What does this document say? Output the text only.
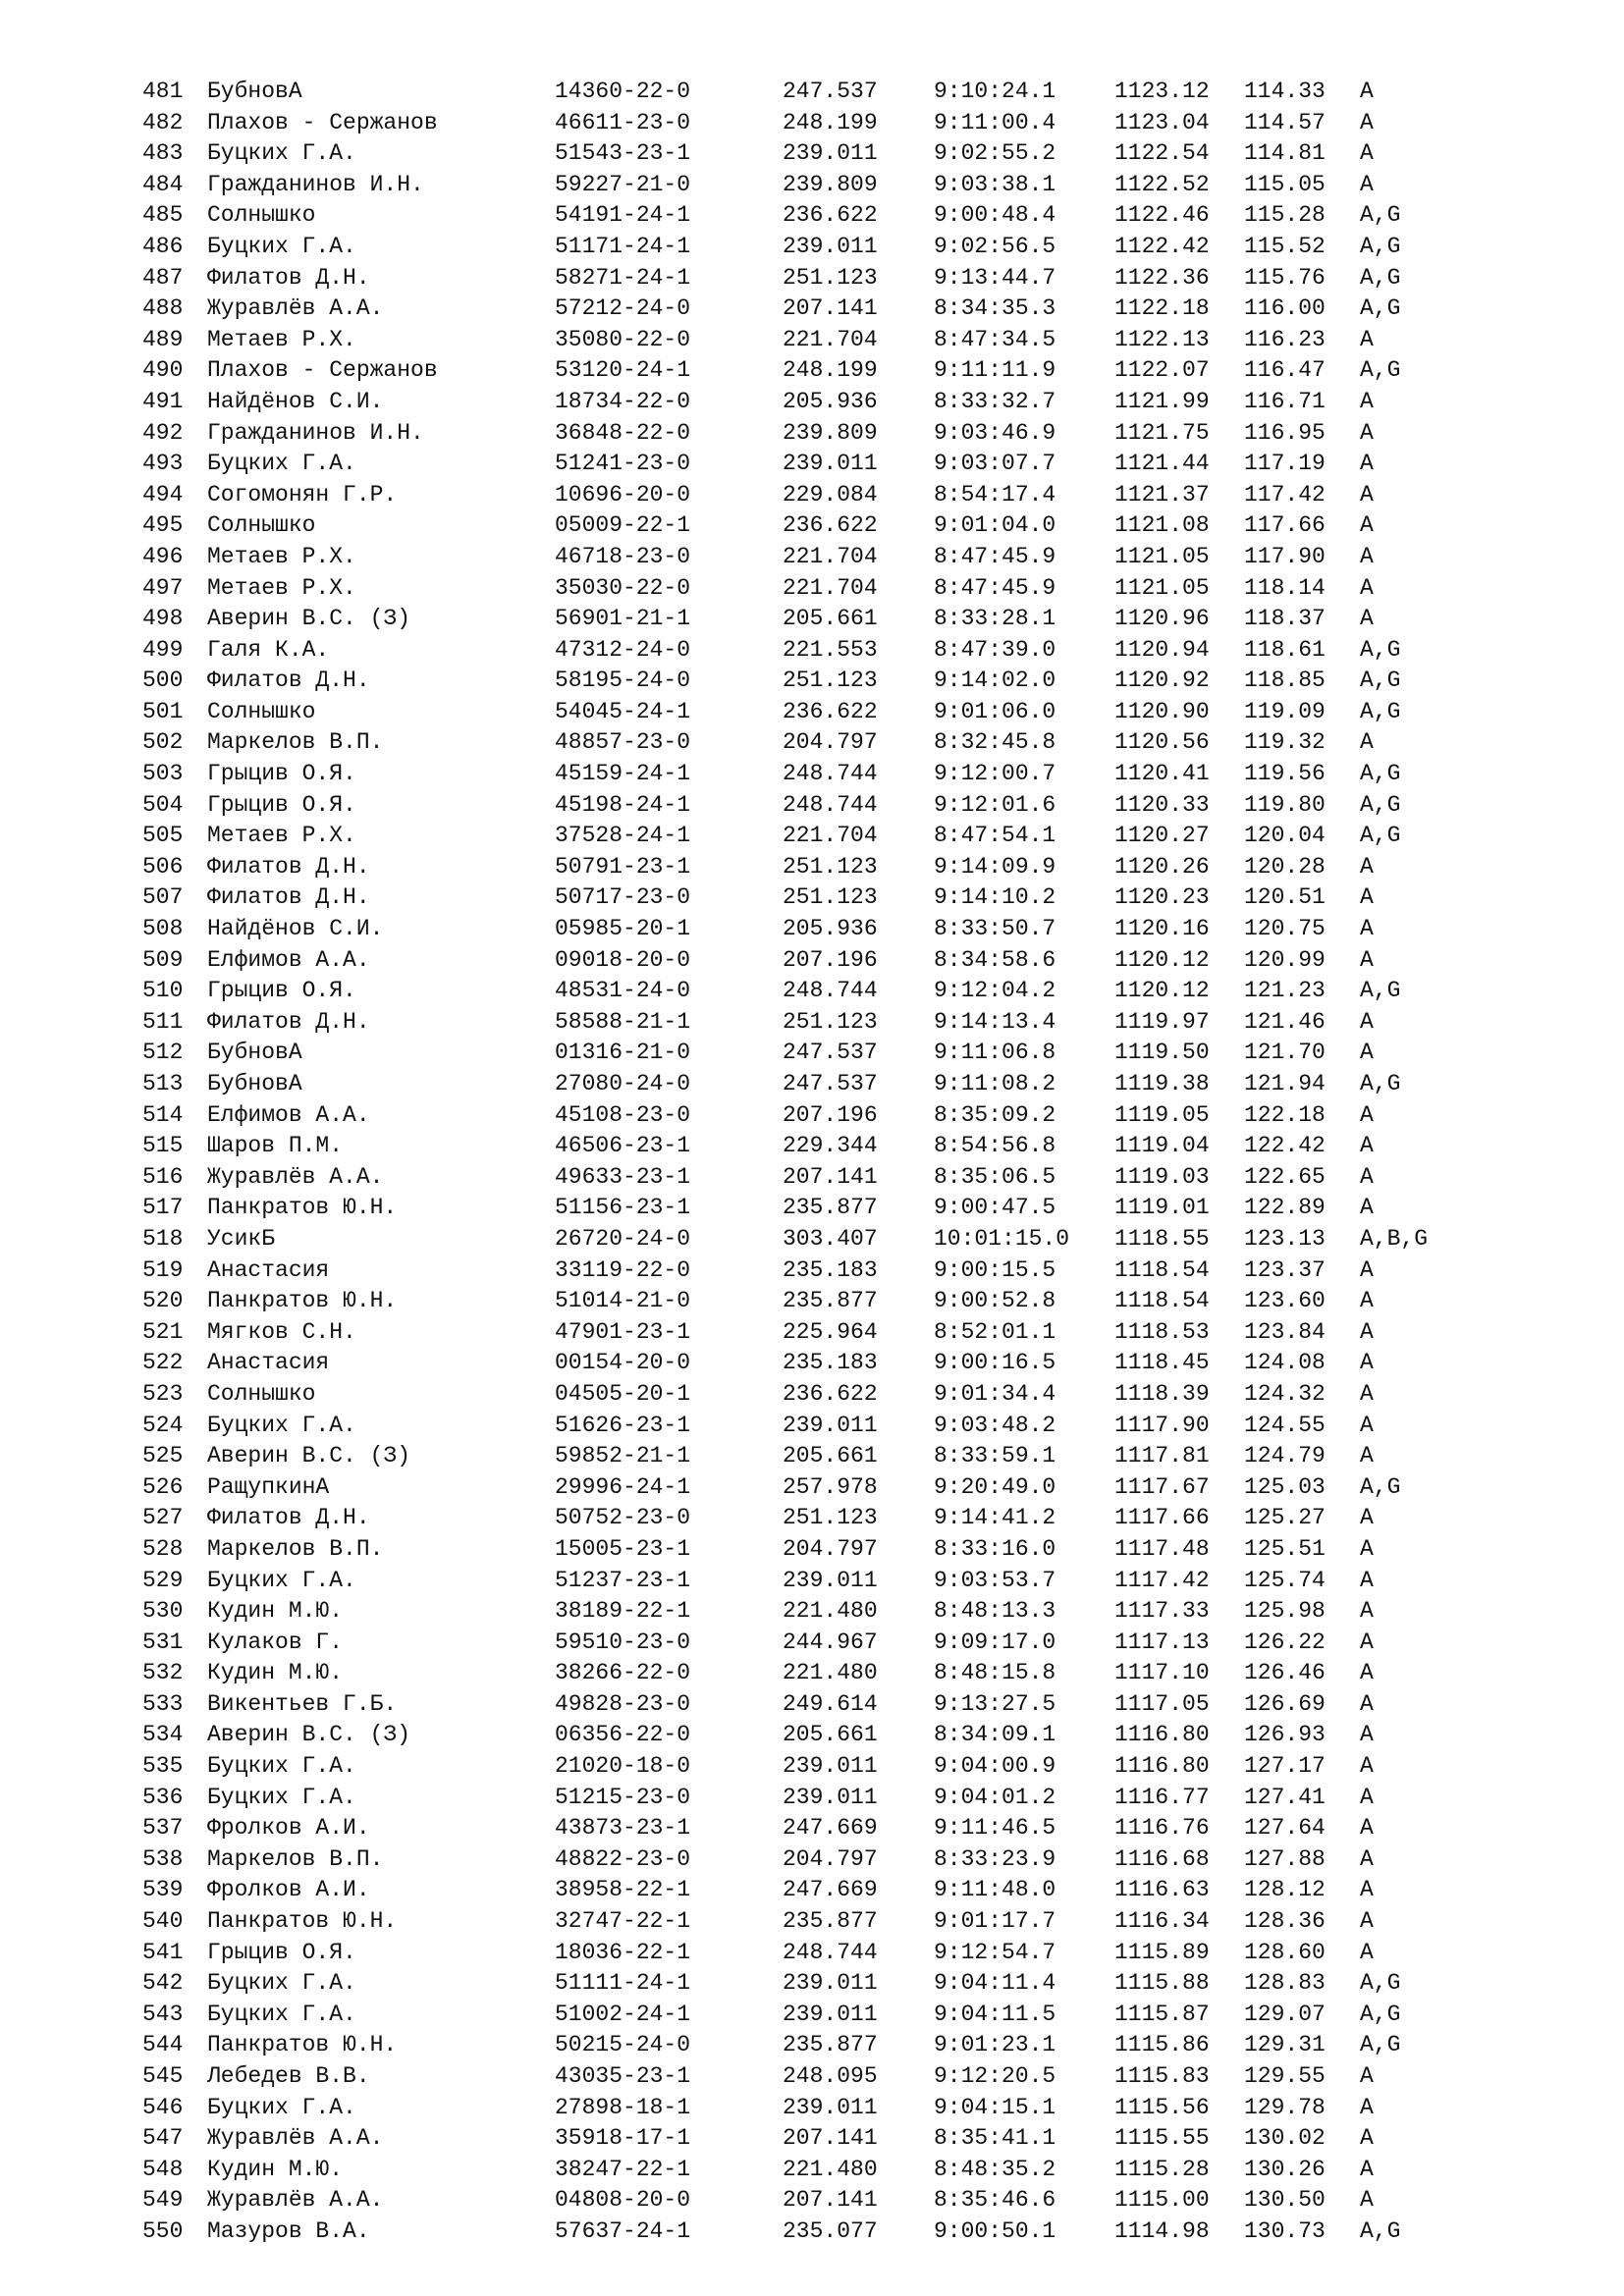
481 БубновА	14360-22-0	247.537 9:10:24.1	1123.12 114.33 A
482 Плахов - Сержанов	46611-23-0	248.199 9:11:00.4	1123.04 114.57 A
483 Буцких Г.А.	51543-23-1	239.011 9:02:55.2	1122.54 114.81 A
484 Гражданинов И.Н.	59227-21-0	239.809 9:03:38.1	1122.52 115.05 A
485 Солнышко	54191-24-1	236.622 9:00:48.4	1122.46 115.28 A,G
486 Буцких Г.А.	51171-24-1	239.011 9:02:56.5	1122.42 115.52 A,G
487 Филатов Д.Н.	58271-24-1	251.123 9:13:44.7	1122.36 115.76 A,G
488 Журавлёв А.А.	57212-24-0	207.141 8:34:35.3	1122.18 116.00 A,G
489 Метаев Р.Х.	35080-22-0	221.704 8:47:34.5	1122.13 116.23 A
490 Плахов - Сержанов	53120-24-1	248.199 9:11:11.9	1122.07 116.47 A,G
491 Найдёнов С.И.	18734-22-0	205.936 8:33:32.7	1121.99 116.71 A
492 Гражданинов И.Н.	36848-22-0	239.809 9:03:46.9	1121.75 116.95 A
493 Буцких Г.А.	51241-23-0	239.011 9:03:07.7	1121.44 117.19 A
494 Согомонян Г.Р.	10696-20-0	229.084 8:54:17.4	1121.37 117.42 A
495 Солнышко	05009-22-1	236.622 9:01:04.0	1121.08 117.66 A
496 Метаев Р.Х.	46718-23-0	221.704 8:47:45.9	1121.05 117.90 A
497 Метаев Р.Х.	35030-22-0	221.704 8:47:45.9	1121.05 118.14 A
498 Аверин В.С. (З)	56901-21-1	205.661 8:33:28.1	1120.96 118.37 A
499 Галя К.А.	47312-24-0	221.553 8:47:39.0	1120.94 118.61 A,G
500 Филатов Д.Н.	58195-24-0	251.123 9:14:02.0	1120.92 118.85 A,G
501 Солнышко	54045-24-1	236.622 9:01:06.0	1120.90 119.09 A,G
502 Маркелов В.П.	48857-23-0	204.797 8:32:45.8	1120.56 119.32 A
503 Грыцив О.Я.	45159-24-1	248.744 9:12:00.7	1120.41 119.56 A,G
504 Грыцив О.Я.	45198-24-1	248.744 9:12:01.6	1120.33 119.80 A,G
505 Метаев Р.Х.	37528-24-1	221.704 8:47:54.1	1120.27 120.04 A,G
506 Филатов Д.Н.	50791-23-1	251.123 9:14:09.9	1120.26 120.28 A
507 Филатов Д.Н.	50717-23-0	251.123 9:14:10.2	1120.23 120.51 A
508 Найдёнов С.И.	05985-20-1	205.936 8:33:50.7	1120.16 120.75 A
509 Елфимов А.А.	09018-20-0	207.196 8:34:58.6	1120.12 120.99 A
510 Грыцив О.Я.	48531-24-0	248.744 9:12:04.2	1120.12 121.23 A,G
511 Филатов Д.Н.	58588-21-1	251.123 9:14:13.4	1119.97 121.46 A
512 БубновА	01316-21-0	247.537 9:11:06.8	1119.50 121.70 A
513 БубновА	27080-24-0	247.537 9:11:08.2	1119.38 121.94 A,G
514 Елфимов А.А.	45108-23-0	207.196 8:35:09.2	1119.05 122.18 A
515 Шаров П.М.	46506-23-1	229.344 8:54:56.8	1119.04 122.42 A
516 Журавлёв А.А.	49633-23-1	207.141 8:35:06.5	1119.03 122.65 A
517 Панкратов Ю.Н.	51156-23-1	235.877 9:00:47.5	1119.01 122.89 A
518 УсикБ	26720-24-0	303.407 10:01:15.0 1118.55 123.13 A,B,G
519 Анастасия	33119-22-0	235.183 9:00:15.5	1118.54 123.37 A
520 Панкратов Ю.Н.	51014-21-0	235.877 9:00:52.8	1118.54 123.60 A
521 Мягков С.Н.	47901-23-1	225.964 8:52:01.1	1118.53 123.84 A
522 Анастасия	00154-20-0	235.183 9:00:16.5	1118.45 124.08 A
523 Солнышко	04505-20-1	236.622 9:01:34.4	1118.39 124.32 A
524 Буцких Г.А.	51626-23-1	239.011 9:03:48.2	1117.90 124.55 A
525 Аверин В.С. (З)	59852-21-1	205.661 8:33:59.1	1117.81 124.79 A
526 РащупкинА	29996-24-1	257.978 9:20:49.0	1117.67 125.03 A,G
527 Филатов Д.Н.	50752-23-0	251.123 9:14:41.2	1117.66 125.27 A
528 Маркелов В.П.	15005-23-1	204.797 8:33:16.0	1117.48 125.51 A
529 Буцких Г.А.	51237-23-1	239.011 9:03:53.7	1117.42 125.74 A
530 Кудин М.Ю.	38189-22-1	221.480 8:48:13.3	1117.33 125.98 A
531 Кулаков Г.	59510-23-0	244.967 9:09:17.0	1117.13 126.22 A
532 Кудин М.Ю.	38266-22-0	221.480 8:48:15.8	1117.10 126.46 A
533 Викентьев Г.Б.	49828-23-0	249.614 9:13:27.5	1117.05 126.69 A
534 Аверин В.С. (З)	06356-22-0	205.661 8:34:09.1	1116.80 126.93 A
535 Буцких Г.А.	21020-18-0	239.011 9:04:00.9	1116.80 127.17 A
536 Буцких Г.А.	51215-23-0	239.011 9:04:01.2	1116.77 127.41 A
537 Фролков А.И.	43873-23-1	247.669 9:11:46.5	1116.76 127.64 A
538 Маркелов В.П.	48822-23-0	204.797 8:33:23.9	1116.68 127.88 A
539 Фролков А.И.	38958-22-1	247.669 9:11:48.0	1116.63 128.12 A
540 Панкратов Ю.Н.	32747-22-1	235.877 9:01:17.7	1116.34 128.36 A
541 Грыцив О.Я.	18036-22-1	248.744 9:12:54.7	1115.89 128.60 A
542 Буцких Г.А.	51111-24-1	239.011 9:04:11.4	1115.88 128.83 A,G
543 Буцких Г.А.	51002-24-1	239.011 9:04:11.5	1115.87 129.07 A,G
544 Панкратов Ю.Н.	50215-24-0	235.877 9:01:23.1	1115.86 129.31 A,G
545 Лебедев В.В.	43035-23-1	248.095 9:12:20.5	1115.83 129.55 A
546 Буцких Г.А.	27898-18-1	239.011 9:04:15.1	1115.56 129.78 A
547 Журавлёв А.А.	35918-17-1	207.141 8:35:41.1	1115.55 130.02 A
548 Кудин М.Ю.	38247-22-1	221.480 8:48:35.2	1115.28 130.26 A
549 Журавлёв А.А.	04808-20-0	207.141 8:35:46.6	1115.00 130.50 A
550 Мазуров В.А.	57637-24-1	235.077 9:00:50.1	1114.98 130.73 A,G
